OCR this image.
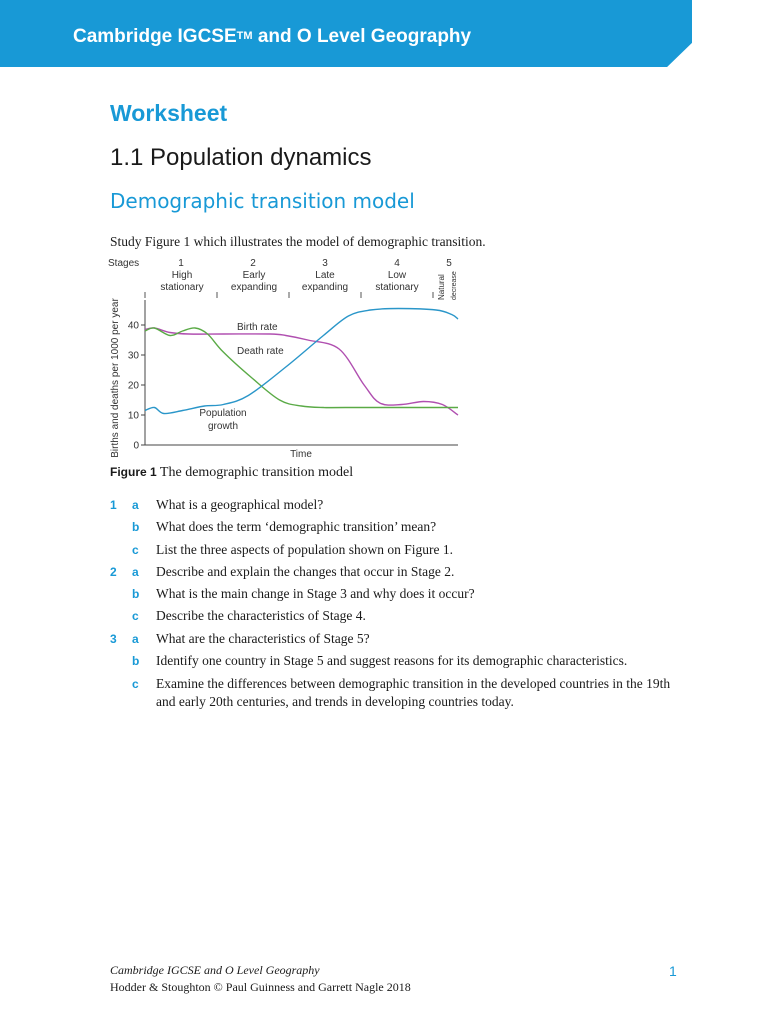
Cambridge IGCSE™ and O Level Geography
Worksheet
1.1 Population dynamics
Demographic transition model
Study Figure 1 which illustrates the model of demographic transition.
Stages	1
High
stationary
2
Early
expanding
3
Late
expanding
4
Low
stationary
5
Natural decrease
0
10
20
30
40
Births and deaths per 1000 per year	Time
Birth rate
Death rate
Population
growth
Figure 1 The demographic transition model
1 a What is a geographical model?
b What does the term ‘demographic transition’ mean?
c List the three aspects of population shown on Figure 1.
2 a Describe and explain the changes that occur in Stage 2.
b What is the main change in Stage 3 and why does it occur?
c Describe the characteristics of Stage 4.
3 a What are the characteristics of Stage 5?
b Identify one country in Stage 5 and suggest reasons for its demographic characteristics.
c Examine the differences between demographic transition in the developed countries in the 19th and early 20th centuries, and trends in developing countries today.
Cambridge IGCSE and O Level Geography
Hodder & Stoughton © Paul Guinness and Garrett Nagle 2018
1
